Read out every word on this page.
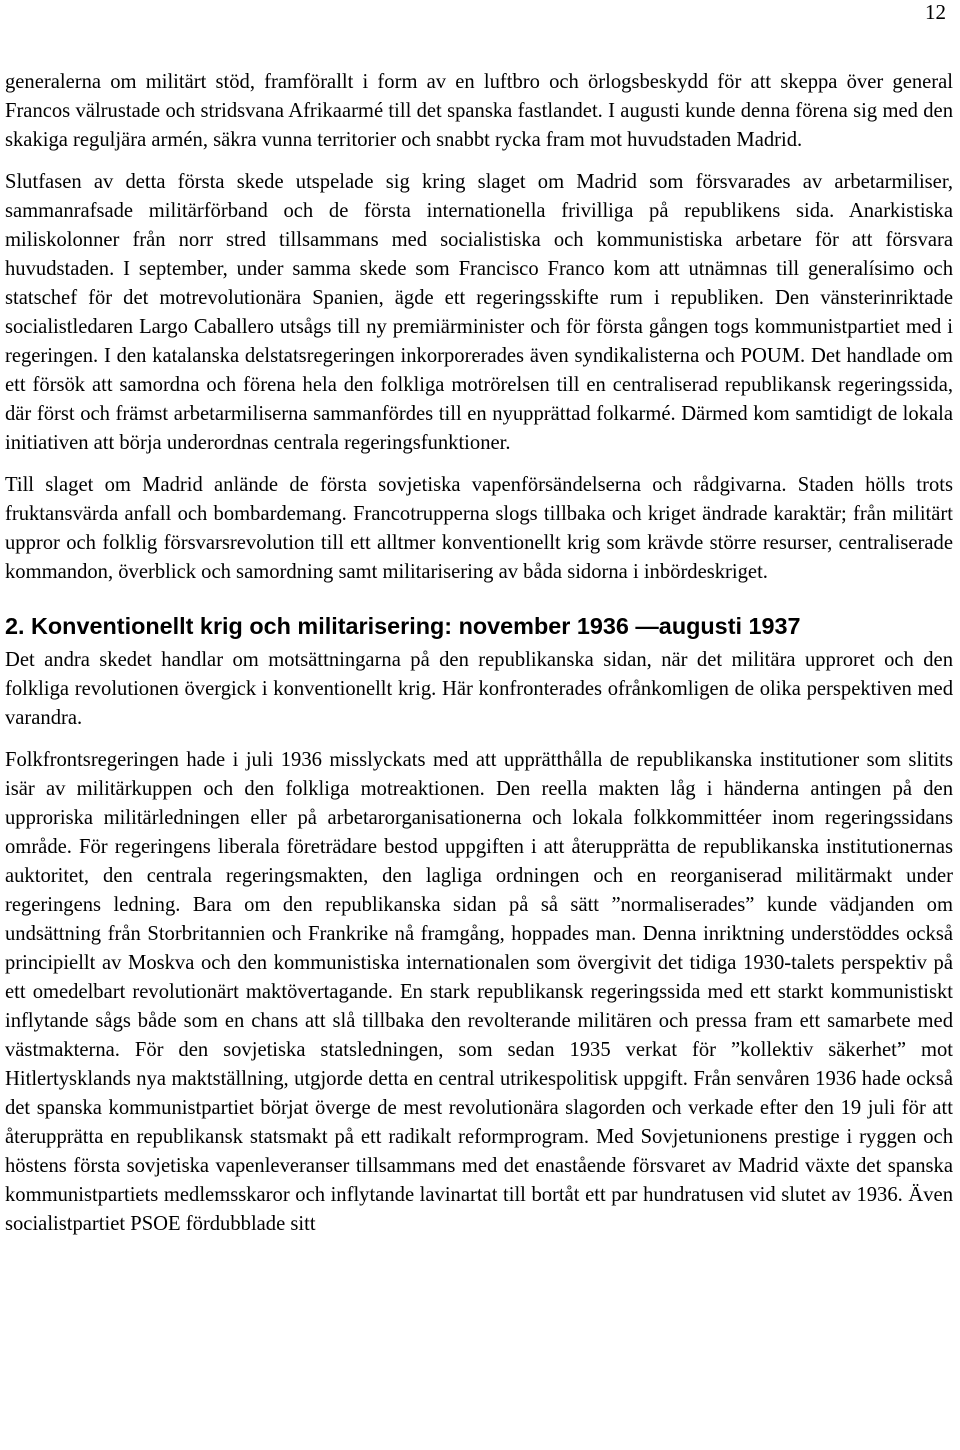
12

generalerna om militärt stöd, framförallt i form av en luftbro och örlogsbeskydd för att skeppa över general Francos välrustade och stridsvana Afrikaarmé till det spanska fastlandet. I augusti kunde denna förena sig med den skakiga reguljära armén, säkra vunna territorier och snabbt rycka fram mot huvudstaden Madrid.

Slutfasen av detta första skede utspelade sig kring slaget om Madrid som försvarades av arbetarmiliser, sammanrafsade militärförband och de första internationella frivilliga på republikens sida. Anarkistiska miliskolonner från norr stred tillsammans med socialistiska och kommunistiska arbetare för att försvara huvudstaden. I september, under samma skede som Francisco Franco kom att utnämnas till generalísimo och statschef för det motrevolutionära Spanien, ägde ett regeringsskifte rum i republiken. Den vänsterinriktade socialistledaren Largo Caballero utsågs till ny premiärminister och för första gången togs kommunistpartiet med i regeringen. I den katalanska delstatsregeringen inkorporerades även syndikalisterna och POUM. Det handlade om ett försök att samordna och förena hela den folkliga motrörelsen till en centraliserad republikansk regeringssida, där först och främst arbetarmiliserna sammanfördes till en nyupprättad folkarmé. Därmed kom samtidigt de lokala initiativen att börja underordnas centrala regeringsfunktioner.

Till slaget om Madrid anlände de första sovjetiska vapenförsändelserna och rådgivarna. Staden hölls trots fruktansvärda anfall och bombardemang. Francotrupperna slogs tillbaka och kriget ändrade karaktär; från militärt uppror och folklig försvarsrevolution till ett alltmer konventionellt krig som krävde större resurser, centraliserade kommandon, överblick och samordning samt militarisering av båda sidorna i inbördeskriget.

2. Konventionellt krig och militarisering: november 1936 —augusti 1937

Det andra skedet handlar om motsättningarna på den republikanska sidan, när det militära upproret och den folkliga revolutionen övergick i konventionellt krig. Här konfronterades ofrånkomligen de olika perspektiven med varandra.

Folkfrontsregeringen hade i juli 1936 misslyckats med att upprätthålla de republikanska institutioner som slitits isär av militärkuppen och den folkliga motreaktionen. Den reella makten låg i händerna antingen på den upproriska militärledningen eller på arbetarorganisationerna och lokala folkkommittéer inom regeringssidans område. För regeringens liberala företrädare bestod uppgiften i att återupprätta de republikanska institutionernas auktoritet, den centrala regeringsmakten, den lagliga ordningen och en reorganiserad militärmakt under regeringens ledning. Bara om den republikanska sidan på så sätt ”normaliserades” kunde vädjanden om undsättning från Storbritannien och Frankrike nå framgång, hoppades man. Denna inriktning understöddes också principiellt av Moskva och den kommunistiska internationalen som övergivit det tidiga 1930-talets perspektiv på ett omedelbart revolutionärt maktövertagande. En stark republikansk regeringssida med ett starkt kommunistiskt inflytande sågs både som en chans att slå tillbaka den revolterande militären och pressa fram ett samarbete med västmakterna. För den sovjetiska statsledningen, som sedan 1935 verkat för ”kollektiv säkerhet” mot Hitlertysklands nya maktställning, utgjorde detta en central utrikespolitisk uppgift. Från senvåren 1936 hade också det spanska kommunistpartiet börjat överge de mest revolutionära slagorden och verkade efter den 19 juli för att återupprätta en republikansk statsmakt på ett radikalt reformprogram. Med Sovjetunionens prestige i ryggen och höstens första sovjetiska vapenleveranser tillsammans med det enastående försvaret av Madrid växte det spanska kommunistpartiets medlemsskaror och inflytande lavinartat till bortåt ett par hundratusen vid slutet av 1936. Även socialistpartiet PSOE fördubblade sitt
